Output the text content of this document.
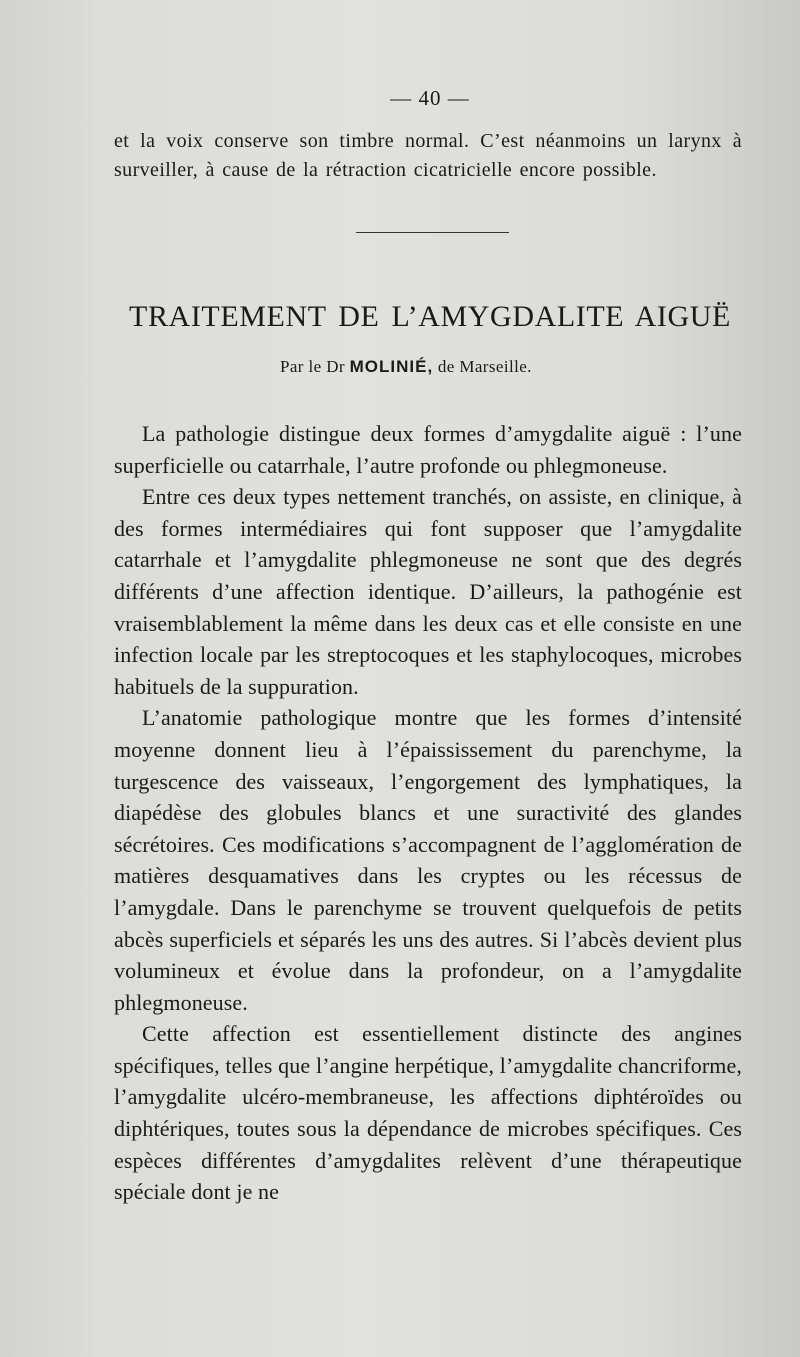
— 40 —
et la voix conserve son timbre normal. C’est néanmoins un larynx à surveiller, à cause de la rétraction cicatricielle encore possible.
TRAITEMENT DE L’AMYGDALITE AIGUË
Par le Dr MOLINIÉ, de Marseille.

La pathologie distingue deux formes d’amygdalite aiguë : l’une superficielle ou catarrhale, l’autre profonde ou phlegmoneuse.

Entre ces deux types nettement tranchés, on assiste, en clinique, à des formes intermédiaires qui font supposer que l’amygdalite catarrhale et l’amygdalite phlegmoneuse ne sont que des degrés différents d’une affection identique. D’ailleurs, la pathogénie est vraisemblablement la même dans les deux cas et elle consiste en une infection locale par les streptocoques et les staphylocoques, microbes habituels de la suppuration.

L’anatomie pathologique montre que les formes d’intensité moyenne donnent lieu à l’épaississement du parenchyme, la turgescence des vaisseaux, l’engorgement des lymphatiques, la diapédèse des globules blancs et une suractivité des glandes sécrétoires. Ces modifications s’accompagnent de l’agglomération de matières desquamatives dans les cryptes ou les récessus de l’amygdale. Dans le parenchyme se trouvent quelquefois de petits abcès superficiels et séparés les uns des autres. Si l’abcès devient plus volumineux et évolue dans la profondeur, on a l’amygdalite phlegmoneuse.

Cette affection est essentiellement distincte des angines spécifiques, telles que l’angine herpétique, l’amygdalite chancriforme, l’amygdalite ulcéro-membraneuse, les affections diphtéroïdes ou diphtériques, toutes sous la dépendance de microbes spécifiques. Ces espèces différentes d’amygdalites relèvent d’une thérapeutique spéciale dont je ne
